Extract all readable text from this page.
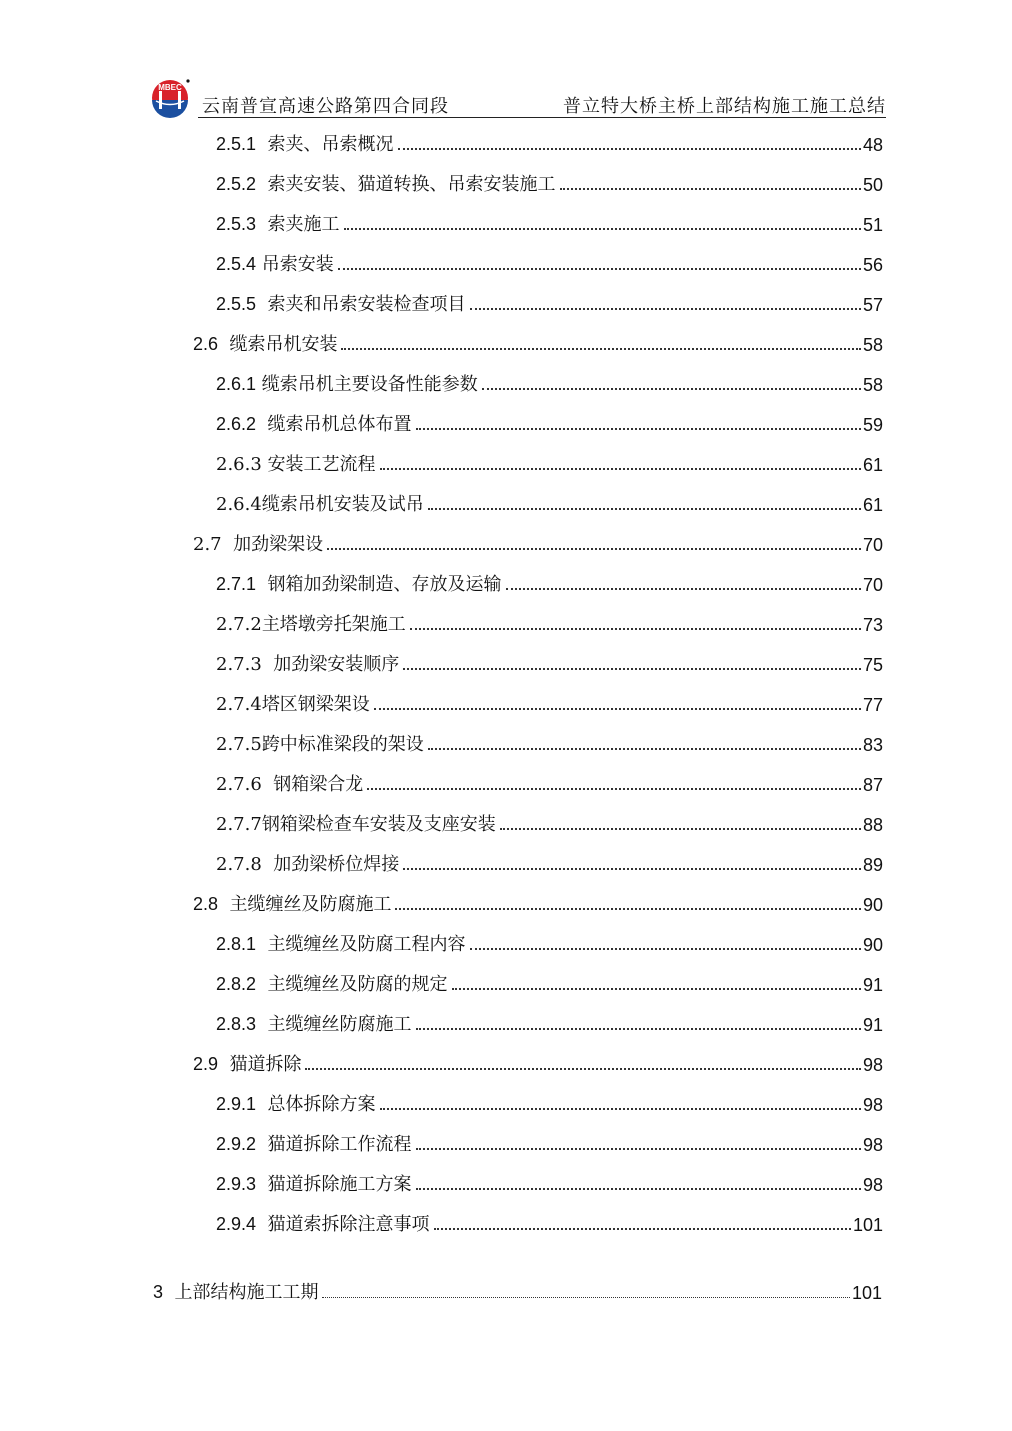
MBEC
云南普宣高速公路第四合同段	普立特大桥主桥上部结构施工施工总结
2.5.1 索夹、吊索概况	48
2.5.2 索夹安装、猫道转换、吊索安装施工	50
2.5.3 索夹施工	51
2.5.4 吊索安装	56
2.5.5 索夹和吊索安装检查项目	57
2.6 缆索吊机安装	58
2.6.1 缆索吊机主要设备性能参数	58
2.6.2 缆索吊机总体布置	59
2.6.3 安装工艺流程	61
2.6.4缆索吊机安装及试吊	61
2.7 加劲梁架设	70
2.7.1 钢箱加劲梁制造、存放及运输	70
2.7.2主塔墩旁托架施工	73
2.7.3 加劲梁安装顺序	75
2.7.4塔区钢梁架设	77
2.7.5跨中标准梁段的架设	83
2.7.6 钢箱梁合龙	87
2.7.7钢箱梁检查车安装及支座安装	88
2.7.8 加劲梁桥位焊接	89
2.8 主缆缠丝及防腐施工	90
2.8.1 主缆缠丝及防腐工程内容	90
2.8.2 主缆缠丝及防腐的规定	91
2.8.3 主缆缠丝防腐施工	91
2.9 猫道拆除	98
2.9.1 总体拆除方案	98
2.9.2 猫道拆除工作流程	98
2.9.3 猫道拆除施工方案	98
2.9.4 猫道索拆除注意事项	101
3 上部结构施工工期	101
